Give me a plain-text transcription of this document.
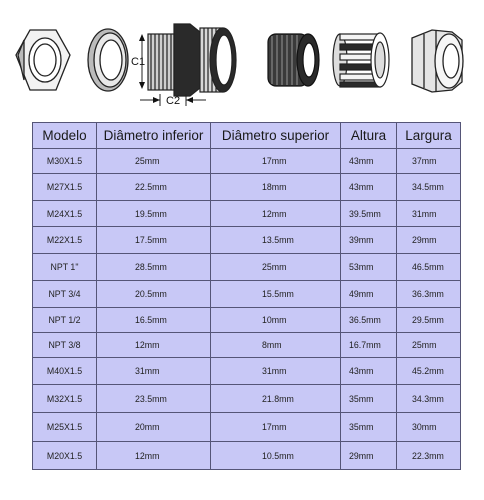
C1
C2
Modelo	Diâmetro inferior	Diâmetro superior	Altura	Largura
M30X1.5	25mm	17mm	43mm	37mm
M27X1.5	22.5mm	18mm	43mm	34.5mm
M24X1.5	19.5mm	12mm	39.5mm	31mm
M22X1.5	17.5mm	13.5mm	39mm	29mm
NPT 1"	28.5mm	25mm	53mm	46.5mm
NPT 3/4	20.5mm	15.5mm	49mm	36.3mm
NPT 1/2	16.5mm	10mm	36.5mm	29.5mm
NPT 3/8	12mm	8mm	16.7mm	25mm
M40X1.5	31mm	31mm	43mm	45.2mm
M32X1.5	23.5mm	21.8mm	35mm	34.3mm
M25X1.5	20mm	17mm	35mm	30mm
M20X1.5	12mm	10.5mm	29mm	22.3mm
